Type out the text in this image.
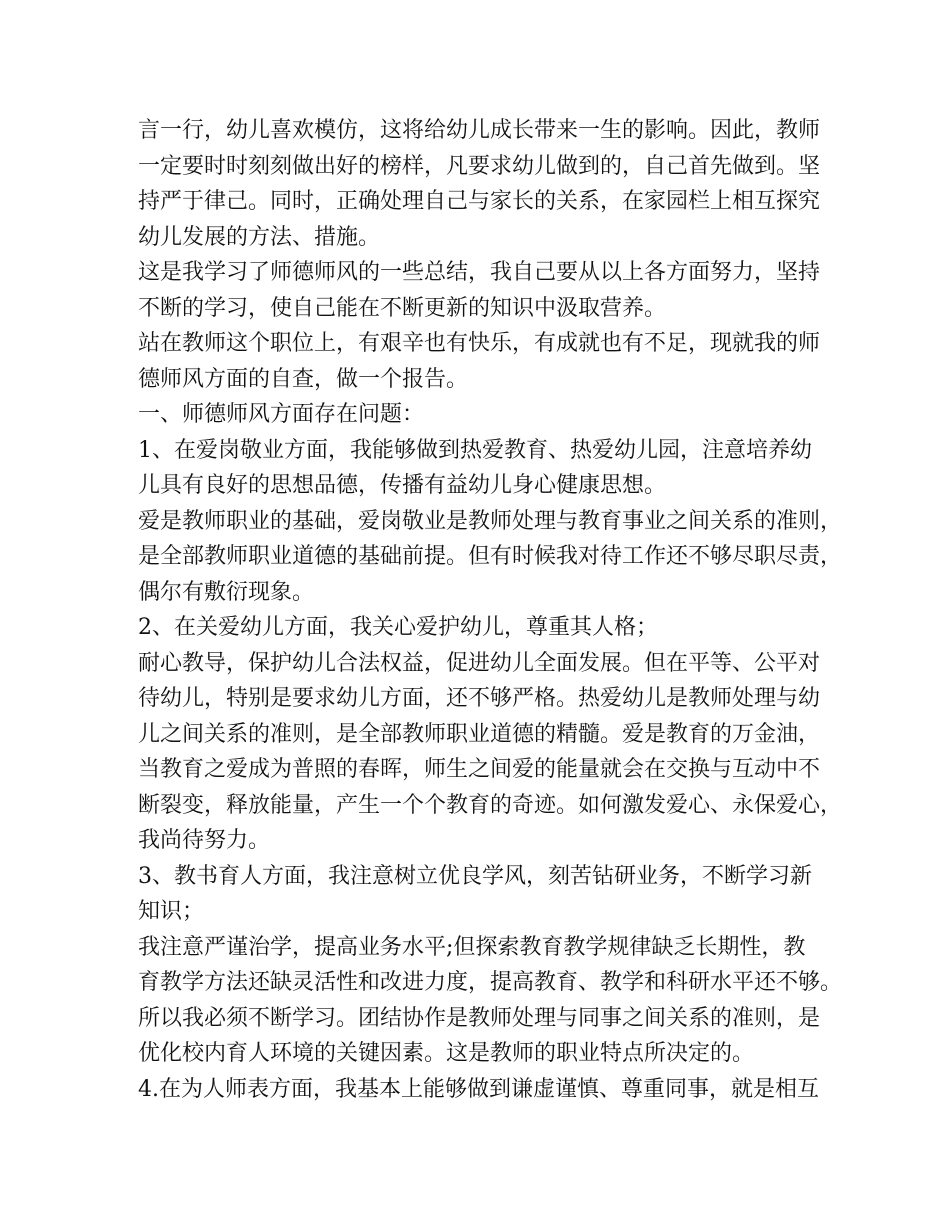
言一行，幼儿喜欢模仿，这将给幼儿成长带来一生的影响。因此，教师
一定要时时刻刻做出好的榜样，凡要求幼儿做到的，自己首先做到。坚
持严于律己。同时，正确处理自己与家长的关系，在家园栏上相互探究
幼儿发展的方法、措施。
这是我学习了师德师风的一些总结，我自己要从以上各方面努力，坚持
不断的学习，使自己能在不断更新的知识中汲取营养。
站在教师这个职位上，有艰辛也有快乐，有成就也有不足，现就我的师
德师风方面的自查，做一个报告。
一、师德师风方面存在问题：
1、在爱岗敬业方面，我能够做到热爱教育、热爱幼儿园，注意培养幼
儿具有良好的思想品德，传播有益幼儿身心健康思想。
爱是教师职业的基础，爱岗敬业是教师处理与教育事业之间关系的准则，
是全部教师职业道德的基础前提。但有时候我对待工作还不够尽职尽责，
偶尔有敷衍现象。
2、在关爱幼儿方面，我关心爱护幼儿，尊重其人格；
耐心教导，保护幼儿合法权益，促进幼儿全面发展。但在平等、公平对
待幼儿，特别是要求幼儿方面，还不够严格。热爱幼儿是教师处理与幼
儿之间关系的准则，是全部教师职业道德的精髓。爱是教育的万金油，
当教育之爱成为普照的春晖，师生之间爱的能量就会在交换与互动中不
断裂变，释放能量，产生一个个教育的奇迹。如何激发爱心、永保爱心，
我尚待努力。
3、教书育人方面，我注意树立优良学风，刻苦钻研业务，不断学习新
知识；
我注意严谨治学，提高业务水平;但探索教育教学规律缺乏长期性，教
育教学方法还缺灵活性和改进力度，提高教育、教学和科研水平还不够。
所以我必须不断学习。团结协作是教师处理与同事之间关系的准则，是
优化校内育人环境的关键因素。这是教师的职业特点所决定的。
4.在为人师表方面，我基本上能够做到谦虚谨慎、尊重同事，就是相互
